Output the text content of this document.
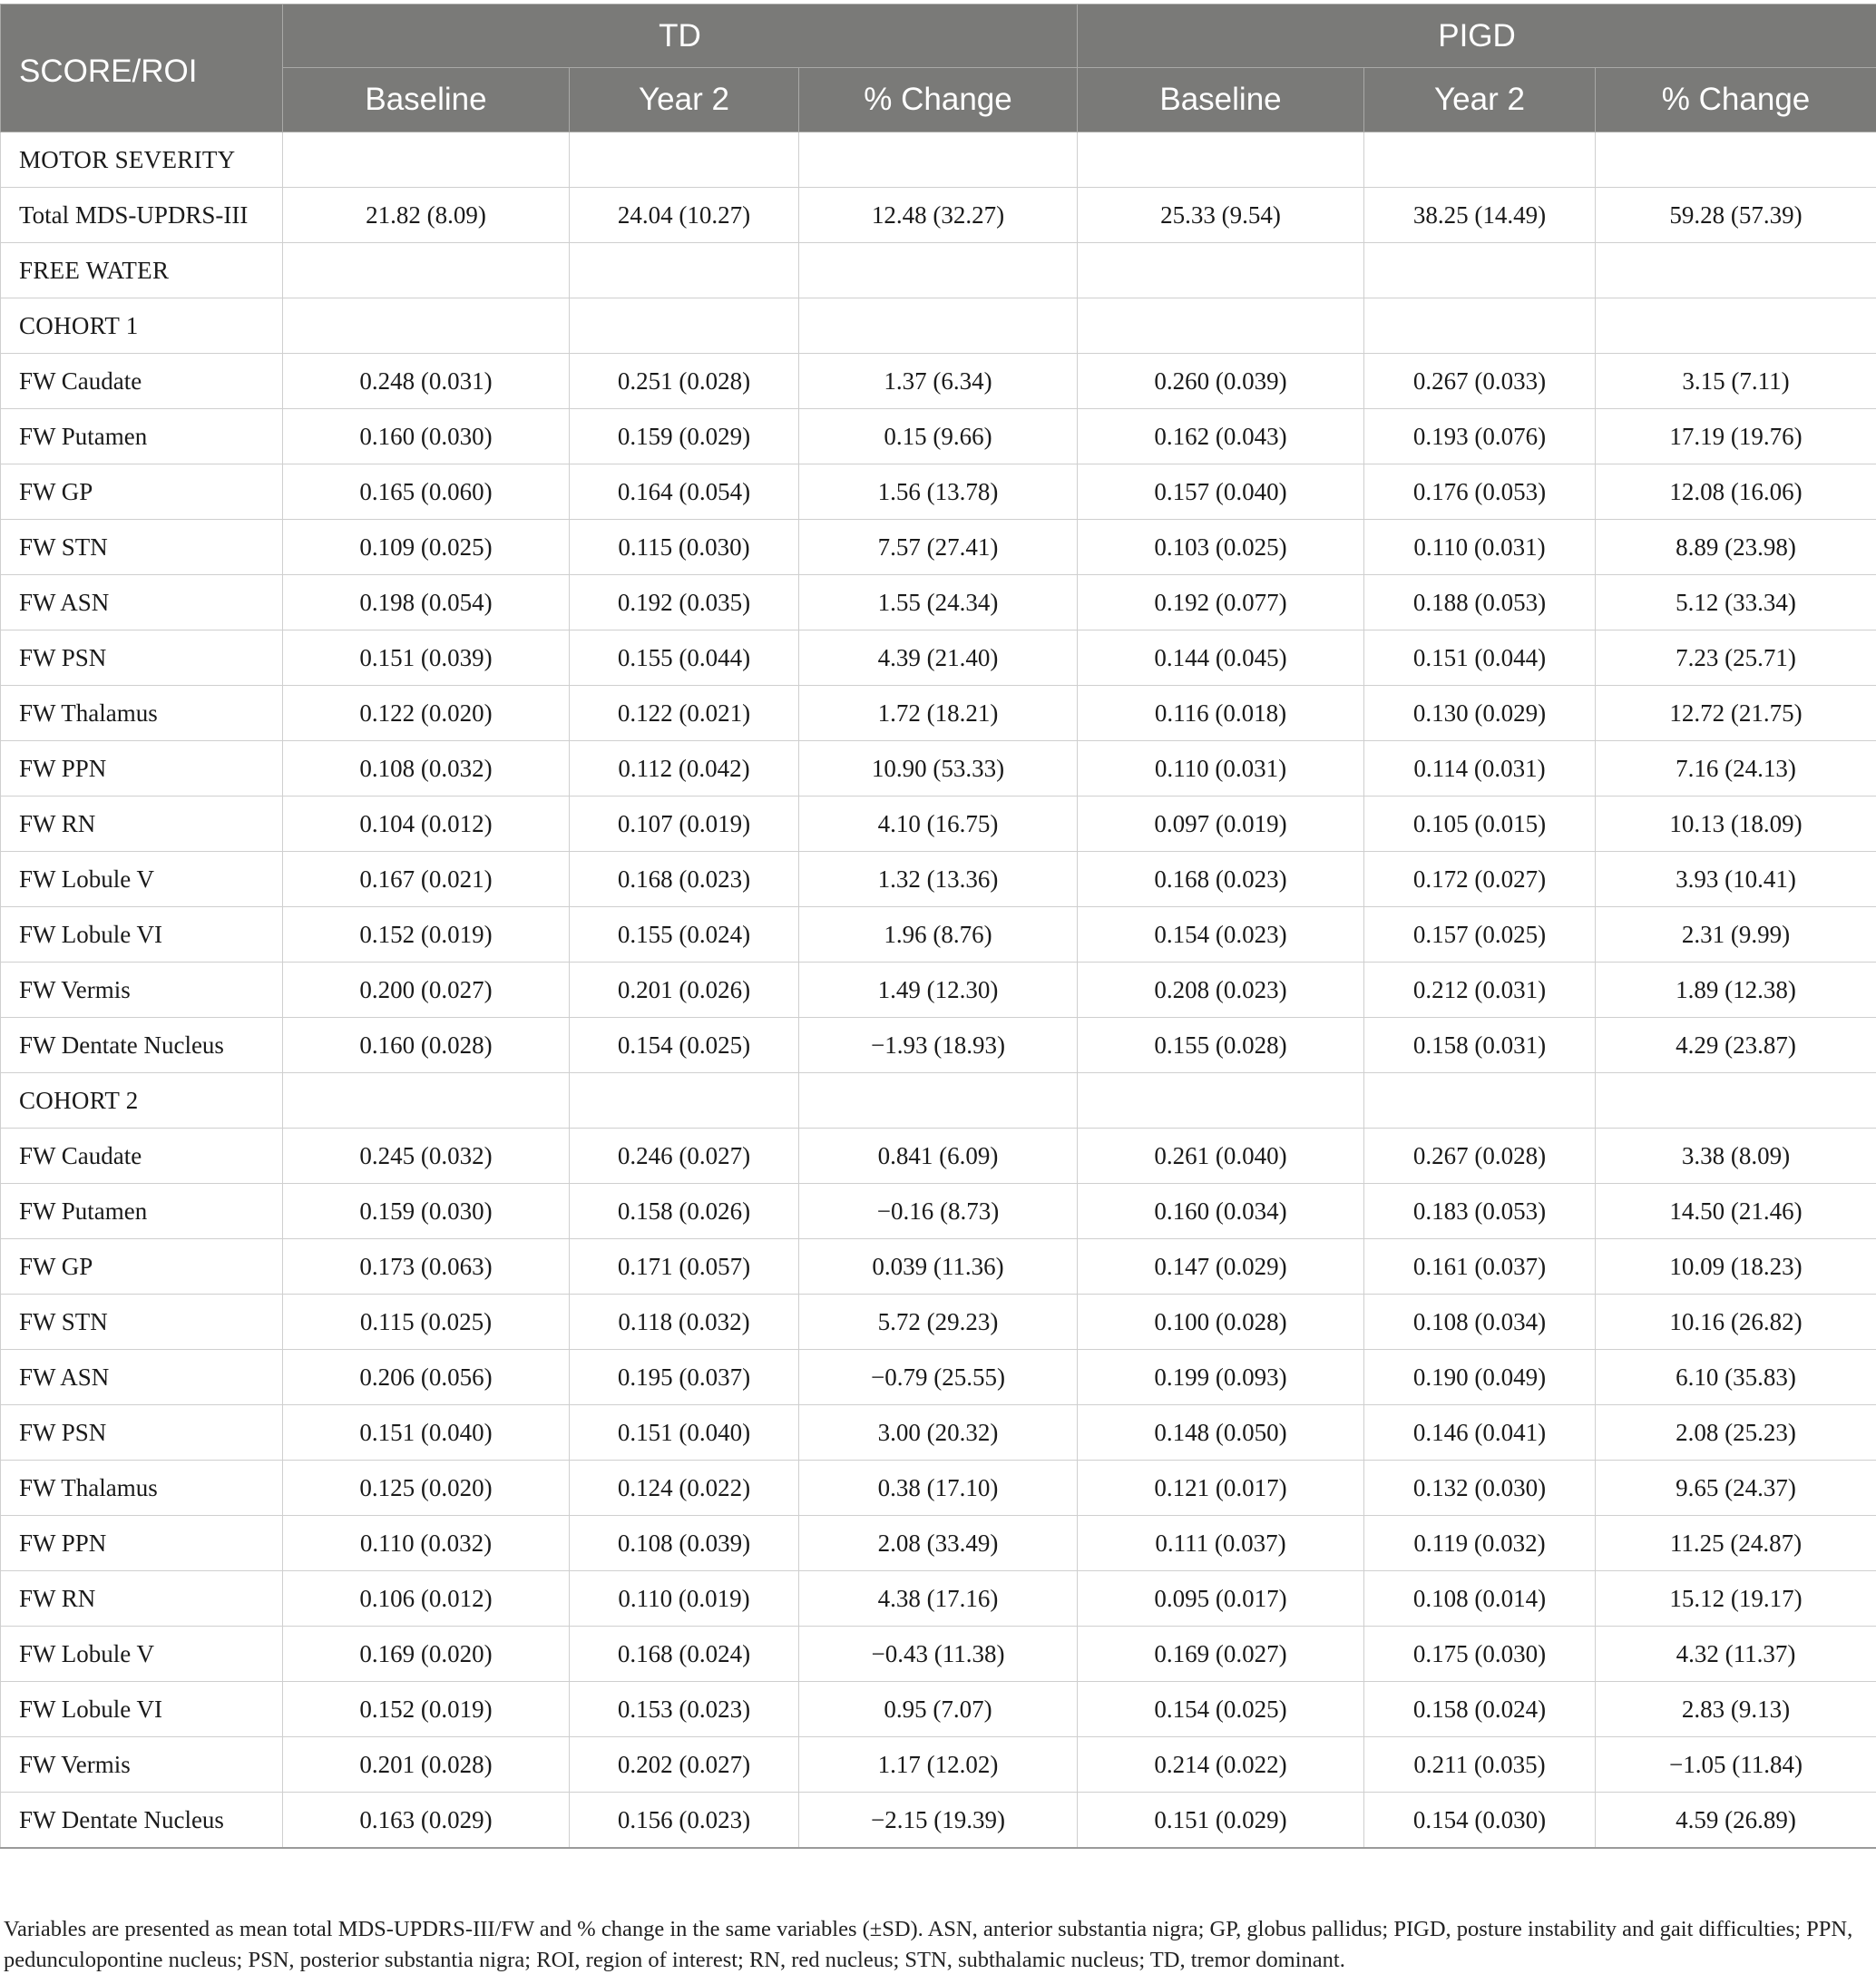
SCORE/ROI	TD			PIGD		
	Baseline	Year 2	% Change	Baseline	Year 2	% Change
MOTOR SEVERITY						
Total MDS-UPDRS-III	21.82 (8.09)	24.04 (10.27)	12.48 (32.27)	25.33 (9.54)	38.25 (14.49)	59.28 (57.39)
FREE WATER						
COHORT 1						
FW Caudate	0.248 (0.031)	0.251 (0.028)	1.37 (6.34)	0.260 (0.039)	0.267 (0.033)	3.15 (7.11)
FW Putamen	0.160 (0.030)	0.159 (0.029)	0.15 (9.66)	0.162 (0.043)	0.193 (0.076)	17.19 (19.76)
FW GP	0.165 (0.060)	0.164 (0.054)	1.56 (13.78)	0.157 (0.040)	0.176 (0.053)	12.08 (16.06)
FW STN	0.109 (0.025)	0.115 (0.030)	7.57 (27.41)	0.103 (0.025)	0.110 (0.031)	8.89 (23.98)
FW ASN	0.198 (0.054)	0.192 (0.035)	1.55 (24.34)	0.192 (0.077)	0.188 (0.053)	5.12 (33.34)
FW PSN	0.151 (0.039)	0.155 (0.044)	4.39 (21.40)	0.144 (0.045)	0.151 (0.044)	7.23 (25.71)
FW Thalamus	0.122 (0.020)	0.122 (0.021)	1.72 (18.21)	0.116 (0.018)	0.130 (0.029)	12.72 (21.75)
FW PPN	0.108 (0.032)	0.112 (0.042)	10.90 (53.33)	0.110 (0.031)	0.114 (0.031)	7.16 (24.13)
FW RN	0.104 (0.012)	0.107 (0.019)	4.10 (16.75)	0.097 (0.019)	0.105 (0.015)	10.13 (18.09)
FW Lobule V	0.167 (0.021)	0.168 (0.023)	1.32 (13.36)	0.168 (0.023)	0.172 (0.027)	3.93 (10.41)
FW Lobule VI	0.152 (0.019)	0.155 (0.024)	1.96 (8.76)	0.154 (0.023)	0.157 (0.025)	2.31 (9.99)
FW Vermis	0.200 (0.027)	0.201 (0.026)	1.49 (12.30)	0.208 (0.023)	0.212 (0.031)	1.89 (12.38)
FW Dentate Nucleus	0.160 (0.028)	0.154 (0.025)	−1.93 (18.93)	0.155 (0.028)	0.158 (0.031)	4.29 (23.87)
COHORT 2						
FW Caudate	0.245 (0.032)	0.246 (0.027)	0.841 (6.09)	0.261 (0.040)	0.267 (0.028)	3.38 (8.09)
FW Putamen	0.159 (0.030)	0.158 (0.026)	−0.16 (8.73)	0.160 (0.034)	0.183 (0.053)	14.50 (21.46)
FW GP	0.173 (0.063)	0.171 (0.057)	0.039 (11.36)	0.147 (0.029)	0.161 (0.037)	10.09 (18.23)
FW STN	0.115 (0.025)	0.118 (0.032)	5.72 (29.23)	0.100 (0.028)	0.108 (0.034)	10.16 (26.82)
FW ASN	0.206 (0.056)	0.195 (0.037)	−0.79 (25.55)	0.199 (0.093)	0.190 (0.049)	6.10 (35.83)
FW PSN	0.151 (0.040)	0.151 (0.040)	3.00 (20.32)	0.148 (0.050)	0.146 (0.041)	2.08 (25.23)
FW Thalamus	0.125 (0.020)	0.124 (0.022)	0.38 (17.10)	0.121 (0.017)	0.132 (0.030)	9.65 (24.37)
FW PPN	0.110 (0.032)	0.108 (0.039)	2.08 (33.49)	0.111 (0.037)	0.119 (0.032)	11.25 (24.87)
FW RN	0.106 (0.012)	0.110 (0.019)	4.38 (17.16)	0.095 (0.017)	0.108 (0.014)	15.12 (19.17)
FW Lobule V	0.169 (0.020)	0.168 (0.024)	−0.43 (11.38)	0.169 (0.027)	0.175 (0.030)	4.32 (11.37)
FW Lobule VI	0.152 (0.019)	0.153 (0.023)	0.95 (7.07)	0.154 (0.025)	0.158 (0.024)	2.83 (9.13)
FW Vermis	0.201 (0.028)	0.202 (0.027)	1.17 (12.02)	0.214 (0.022)	0.211 (0.035)	−1.05 (11.84)
FW Dentate Nucleus	0.163 (0.029)	0.156 (0.023)	−2.15 (19.39)	0.151 (0.029)	0.154 (0.030)	4.59 (26.89)

Variables are presented as mean total MDS-UPDRS-III/FW and % change in the same variables (±SD). ASN, anterior substantia nigra; GP, globus pallidus; PIGD, posture instability and gait difficulties; PPN, pedunculopontine nucleus; PSN, posterior substantia nigra; ROI, region of interest; RN, red nucleus; STN, subthalamic nucleus; TD, tremor dominant.
